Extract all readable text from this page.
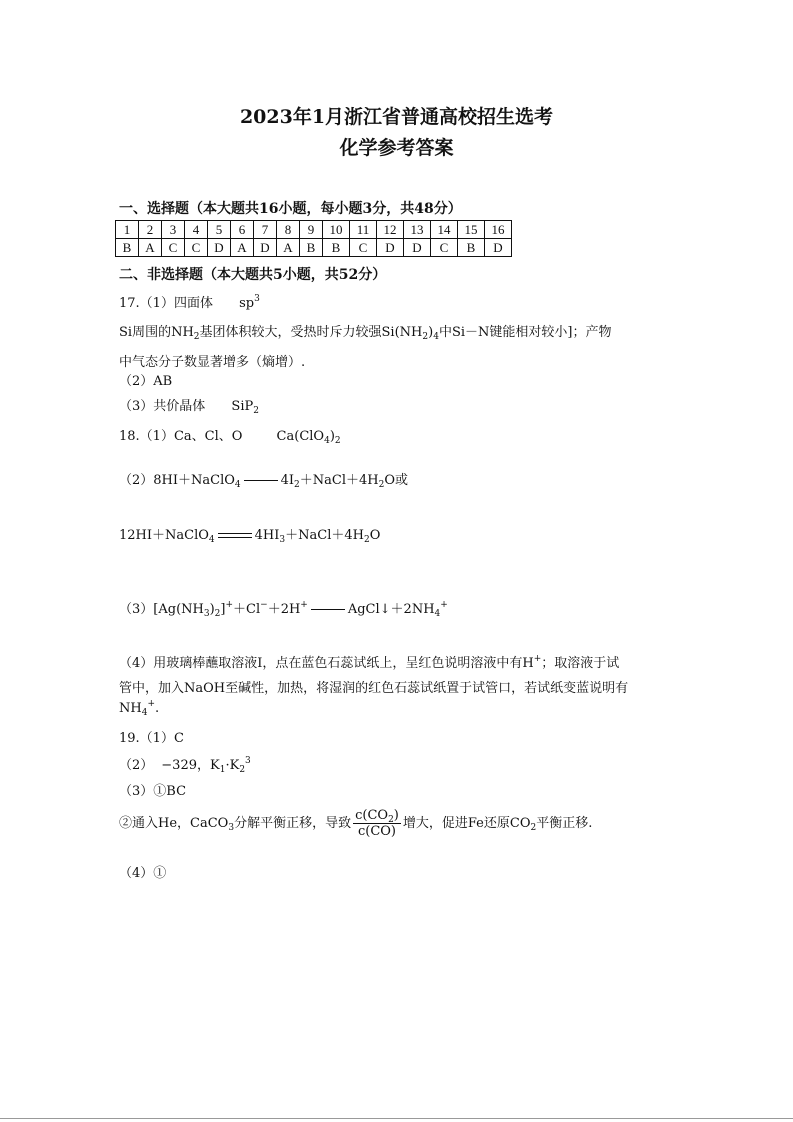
2023年1月浙江省普通高校招生选考
化学参考答案
一、选择题（本大题共16小题，每小题3分，共48分）
1	2	3	4	5	6	7	8	9	10	11	12	13	14	15	16
B	A	C	C	D	A	D	A	B	B	C	D	D	C	B	D
二、非选择题（本大题共5小题，共52分）
17.（1）四面体 $sp^3$
Si周围的$NH_2$基团体积较大，受热时斥力较强$Si(NH_2)_4$中Si－N键能相对较小]；产物
中气态分子数显著增多（熵增）.
（2）AB
（3）共价晶体 SiP$_2$
18.（1）Ca、Cl、O	$Ca(ClO_4)_2$
（2）8HI＋NaClO$_4$	$4I_2+NaCl+4H_2O$或
12HI＋NaClO$_4$	$4HI_3+NaCl+4H_2O$
$(3)[Ag(NH_3)_2]^++Cl^-+2H^+$	$AgCl↓+2NH_4^+$
（4）用玻璃棒蘸取溶液Ⅰ，点在蓝色石蕊试纸上，呈红色说明溶液中有H+；取溶液于试
管中，加入NaOH至碱性，加热，将湿润的红色石蕊试纸置于试管口，若试纸变蓝说明有
$NH_4^+$.
19.（1）C
（2） −329，$K_1\cdot K_2^3$
（3）①BC
②通入He，CaCO$_3$分解平衡正移，导致 $\frac{c(CO_2)}{c(CO)}$ 增大，促进Fe还原$CO_2$平衡正移.
（4）①
